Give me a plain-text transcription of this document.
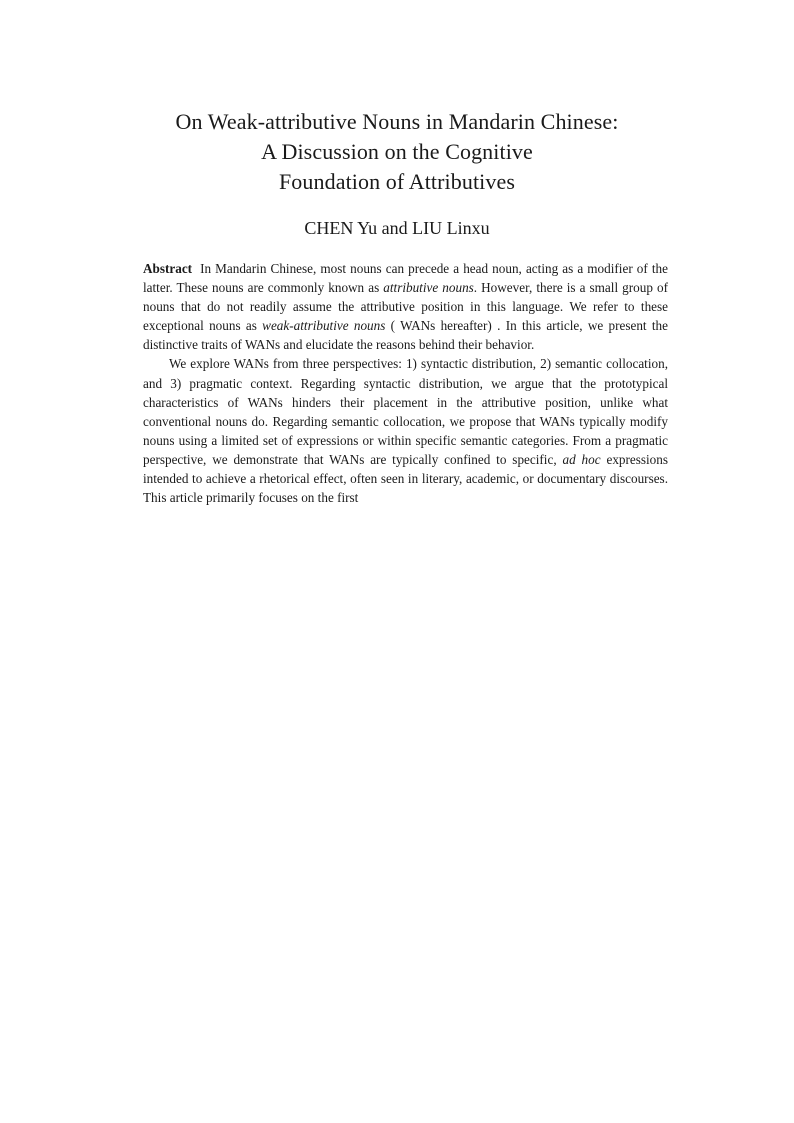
On Weak-attributive Nouns in Mandarin Chinese:
A Discussion on the Cognitive
Foundation of Attributives
CHEN Yu and LIU Linxu

Abstract In Mandarin Chinese, most nouns can precede a head noun, acting as a modifier of the latter. These nouns are commonly known as attributive nouns. However, there is a small group of nouns that do not readily assume the attributive position in this language. We refer to these exceptional nouns as weak-attributive nouns ( WANs hereafter) . In this article, we present the distinctive traits of WANs and elucidate the reasons behind their behavior.

We explore WANs from three perspectives: 1) syntactic distribution, 2) semantic collocation, and 3) pragmatic context. Regarding syntactic distribution, we argue that the prototypical characteristics of WANs hinders their placement in the attributive position, unlike what conventional nouns do. Regarding semantic collocation, we propose that WANs typically modify nouns using a limited set of expressions or within specific semantic categories. From a pragmatic perspective, we demonstrate that WANs are typically confined to specific, ad hoc expressions intended to achieve a rhetorical effect, often seen in literary, academic, or documentary discourses. This article primarily focuses on the first
